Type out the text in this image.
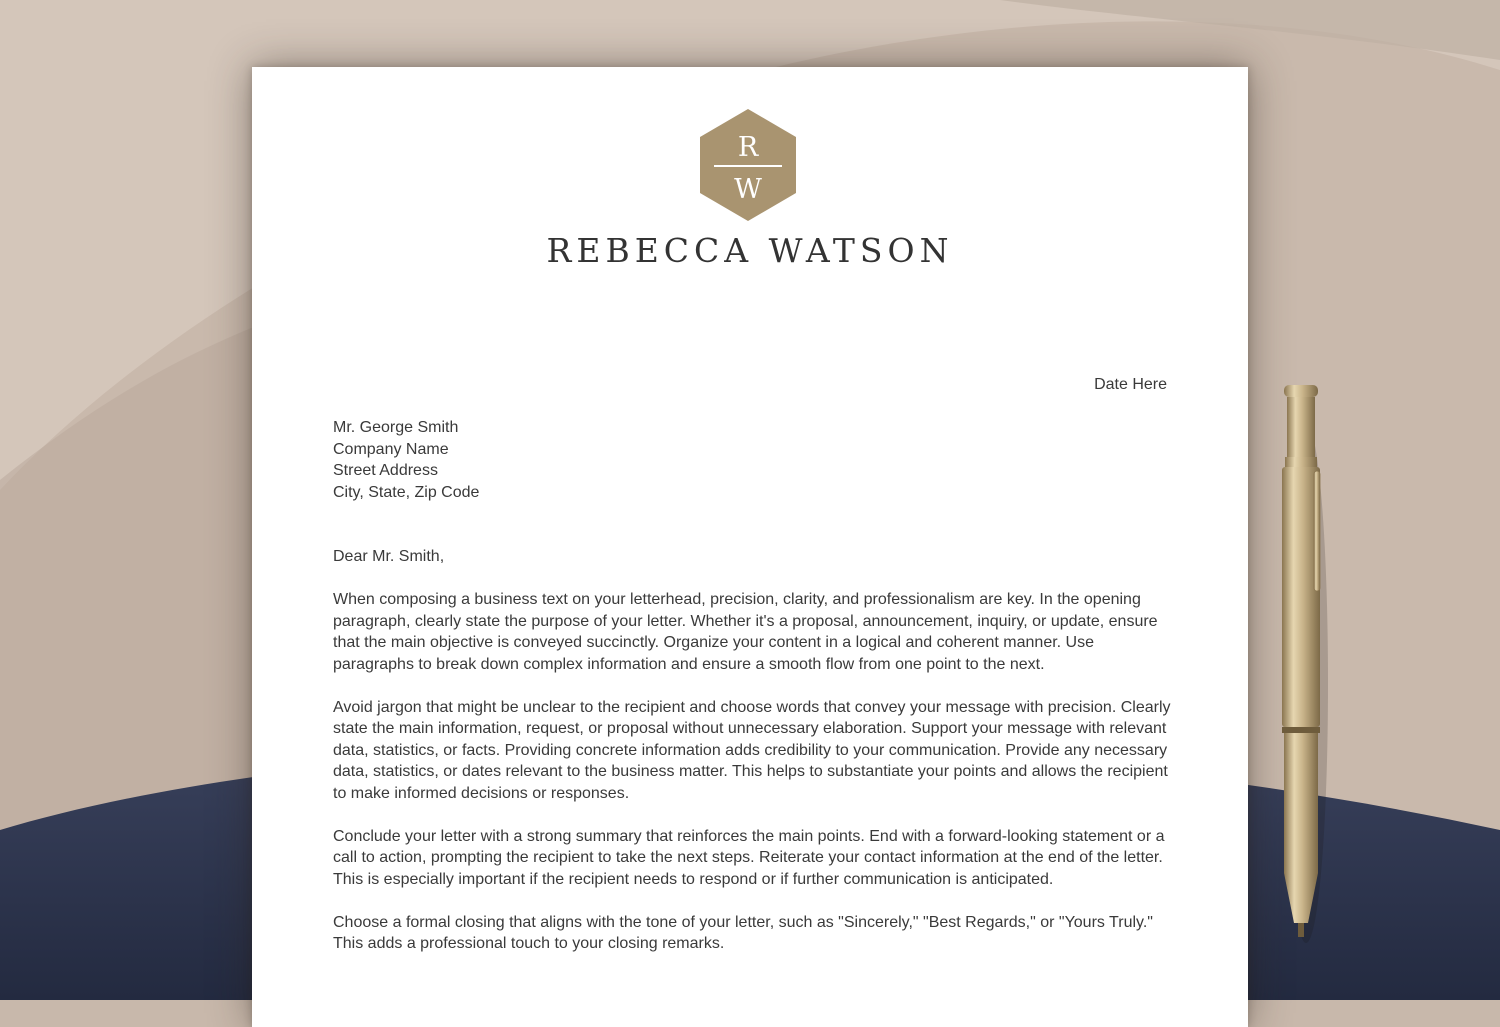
R
W
REBECCA WATSON
Date Here
Mr. George Smith
Company Name
Street Address
City, State, Zip Code
Dear Mr. Smith,

When composing a business text on your letterhead, precision, clarity, and professionalism are key. In the opening paragraph, clearly state the purpose of your letter. Whether it's a proposal, announcement, inquiry, or update, ensure that the main objective is conveyed succinctly. Organize your content in a logical and coherent manner. Use paragraphs to break down complex information and ensure a smooth flow from one point to the next.

Avoid jargon that might be unclear to the recipient and choose words that convey your message with precision. Clearly state the main information, request, or proposal without unnecessary elaboration. Support your message with relevant data, statistics, or facts. Providing concrete information adds credibility to your communication. Provide any necessary data, statistics, or dates relevant to the business matter. This helps to substantiate your points and allows the recipient to make informed decisions or responses.

Conclude your letter with a strong summary that reinforces the main points. End with a forward-looking statement or a call to action, prompting the recipient to take the next steps. Reiterate your contact information at the end of the letter. This is especially important if the recipient needs to respond or if further communication is anticipated.

Choose a formal closing that aligns with the tone of your letter, such as "Sincerely," "Best Regards," or "Yours Truly." This adds a professional touch to your closing remarks.
